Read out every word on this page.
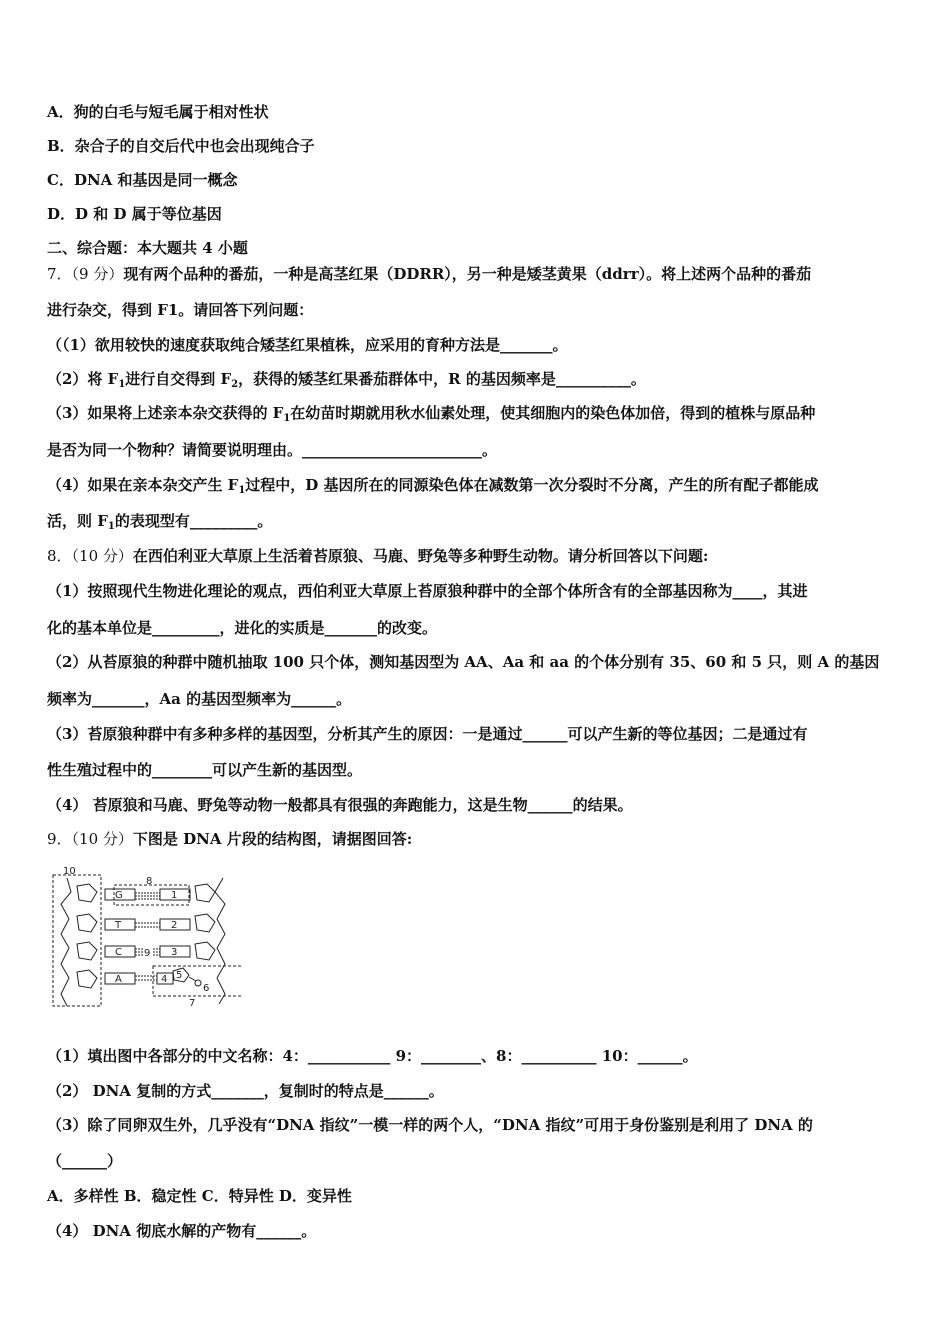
A．狗的白毛与短毛属于相对性状
B．杂合子的自交后代中也会出现纯合子
C．DNA 和基因是同一概念
D．D 和 D 属于等位基因
二、综合题：本大题共 4 小题
7．（9 分）现有两个品种的番茄，一种是高茎红果（DDRR），另一种是矮茎黄果（ddrr）。将上述两个品种的番茄
进行杂交，得到 F1。请回答下列问题：
（（1）欲用较快的速度获取纯合矮茎红果植株，应采用的育种方法是_______。
（2）将 $F_1$进行自交得到 $F_2$，获得的矮茎红果番茄群体中，R 的基因频率是__________。
（3）如果将上述亲本杂交获得的 $F_1$在幼苗时期就用秋水仙素处理，使其细胞内的染色体加倍，得到的植株与原品种
是否为同一个物种？请简要说明理由。________________________。
（4）如果在亲本杂交产生 $F_1$过程中，D 基因所在的同源染色体在减数第一次分裂时不分离，产生的所有配子都能成
活，则 $F_1$的表现型有_________。
8．（10 分）在西伯利亚大草原上生活着苔原狼、马鹿、野兔等多种野生动物。请分析回答以下问题:
（1）按照现代生物进化理论的观点，西伯利亚大草原上苔原狼种群中的全部个体所含有的全部基因称为____，其进
化的基本单位是_________，进化的实质是_______的改变。
（2）从苔原狼的种群中随机抽取 100 只个体，测知基因型为 AA、Aa 和 aa 的个体分别有 35、60 和 5 只，则 A 的基因
频率为_______，Aa 的基因型频率为______。
（3）苔原狼种群中有多种多样的基因型，分析其产生的原因：一是通过______可以产生新的等位基因；二是通过有
性生殖过程中的________可以产生新的基因型。
（4） 苔原狼和马鹿、野兔等动物一般都具有很强的奔跑能力，这是生物______的结果。
9．（10 分）下图是 DNA 片段的结构图，请据图回答:
10
7
8
5
G
T
C
A
1
2
3
4
9
6
（1）填出图中各部分的中文名称：4：___________ 9：________、8：__________ 10：______。
（2） DNA 复制的方式_______，复制时的特点是______。
（3）除了同卵双生外，几乎没有“DNA 指纹”一模一样的两个人，“DNA 指纹”可用于身份鉴别是利用了 DNA 的
（______）
A．多样性 B．稳定性 C．特异性 D．变异性
（4） DNA 彻底水解的产物有______。
